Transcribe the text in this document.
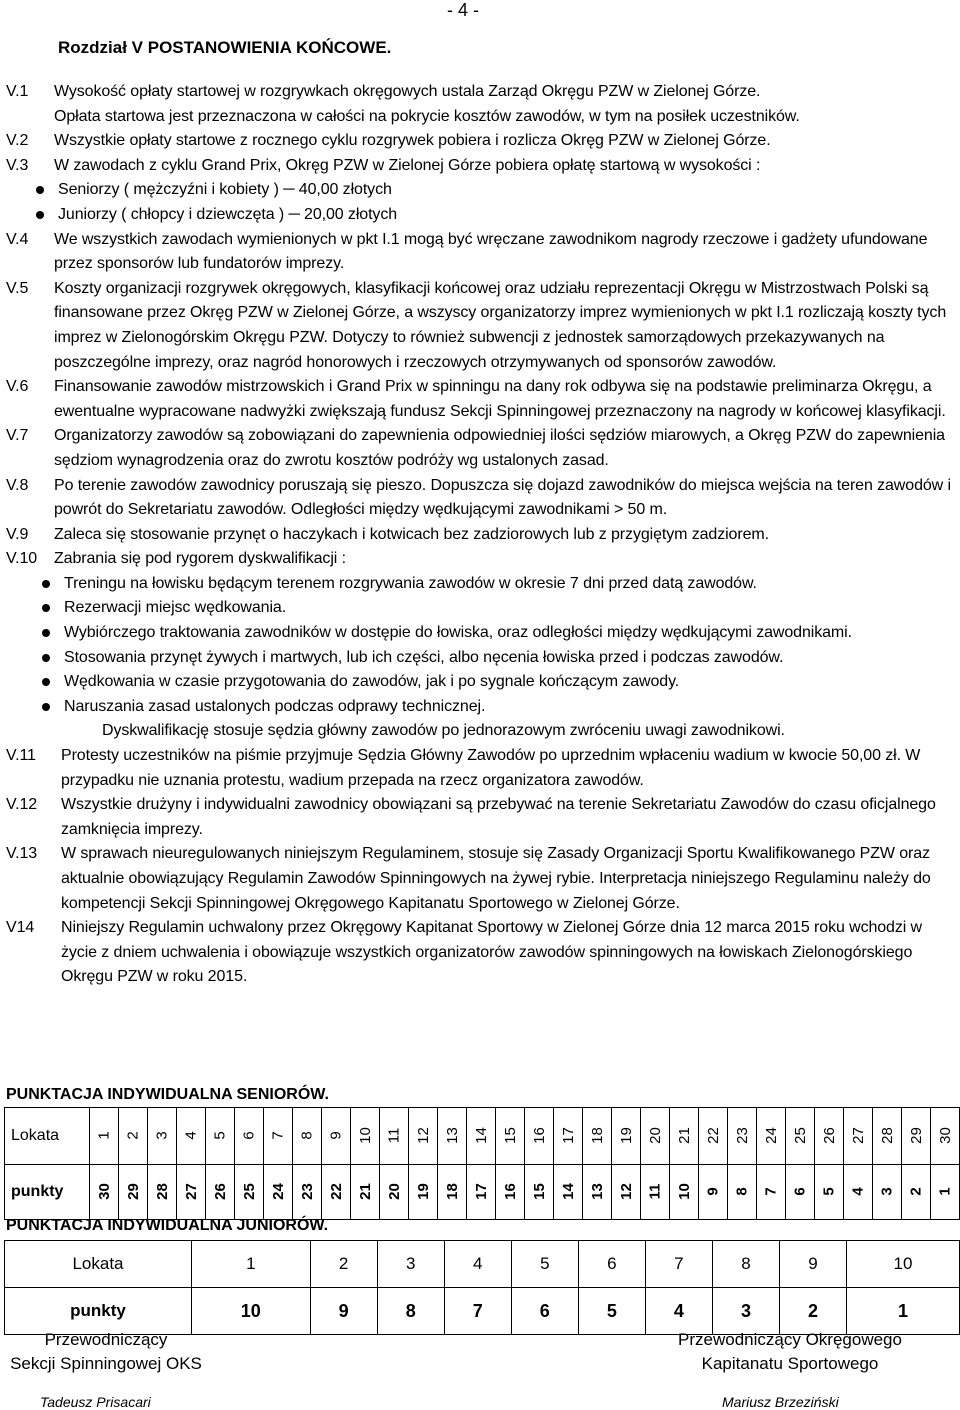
- 4 -
Rozdział V POSTANOWIENIA KOŃCOWE.
V.1	Wysokość opłaty startowej w rozgrywkach okręgowych ustala Zarząd Okręgu PZW w Zielonej Górze.
Opłata startowa jest przeznaczona w całości na pokrycie kosztów zawodów, w tym na posiłek uczestników.
V.2	Wszystkie opłaty startowe z rocznego cyklu rozgrywek pobiera i rozlicza Okręg PZW w Zielonej Górze.

V.3	W zawodach z cyklu Grand Prix, Okręg PZW w Zielonej Górze pobiera opłatę startową w wysokości :

Seniorzy ( mężczyźni i kobiety ) ─ 40,00 złotych
Juniorzy ( chłopcy i dziewczęta ) ─ 20,00 złotych
V.4	We wszystkich zawodach wymienionych w pkt I.1 mogą być wręczane zawodnikom nagrody rzeczowe i gadżety ufundowane przez sponsorów lub fundatorów imprezy.

V.5	Koszty organizacji rozgrywek okręgowych, klasyfikacji końcowej oraz udziału reprezentacji Okręgu w Mistrzostwach Polski są finansowane przez Okręg PZW w Zielonej Górze, a wszyscy organizatorzy imprez wymienionych w pkt I.1 rozliczają koszty tych imprez w Zielonogórskim Okręgu PZW. Dotyczy to również subwencji z jednostek samorządowych przekazywanych na poszczególne imprezy, oraz nagród honorowych i rzeczowych otrzymywanych od sponsorów zawodów.

V.6	Finansowanie zawodów mistrzowskich i Grand Prix w spinningu na dany rok odbywa się na podstawie preliminarza Okręgu, a ewentualne wypracowane nadwyżki zwiększają fundusz Sekcji Spinningowej przeznaczony na nagrody w końcowej klasyfikacji.

V.7	Organizatorzy zawodów są zobowiązani do zapewnienia odpowiedniej ilości sędziów miarowych, a Okręg PZW do zapewnienia sędziom wynagrodzenia oraz do zwrotu kosztów podróży wg ustalonych zasad.

V.8	Po terenie zawodów zawodnicy poruszają się pieszo. Dopuszcza się dojazd zawodników do miejsca wejścia na teren zawodów i powrót do Sekretariatu zawodów. Odległości między wędkującymi zawodnikami > 50 m.

V.9	Zaleca się stosowanie przynęt o haczykach i kotwicach bez zadziorowych lub z przygiętym zadziorem.

V.10	Zabrania się pod rygorem dyskwalifikacji :

Treningu na łowisku będącym terenem rozgrywania zawodów w okresie 7 dni przed datą zawodów.
Rezerwacji miejsc wędkowania.
Wybiórczego traktowania zawodników w dostępie do łowiska, oraz odległości między wędkującymi zawodnikami.
Stosowania przynęt żywych i martwych, lub ich części, albo nęcenia łowiska przed i podczas zawodów.
Wędkowania w czasie przygotowania do zawodów, jak i po sygnale kończącym zawody.
Naruszania zasad ustalonych podczas odprawy technicznej.
Dyskwalifikację stosuje sędzia główny zawodów po jednorazowym zwróceniu uwagi zawodnikowi.
V.11	Protesty uczestników na piśmie przyjmuje Sędzia Główny Zawodów po uprzednim wpłaceniu wadium w kwocie 50,00 zł. W przypadku nie uznania protestu, wadium przepada na rzecz organizatora zawodów.

V.12	Wszystkie drużyny i indywidualni zawodnicy obowiązani są przebywać na terenie Sekretariatu Zawodów do czasu oficjalnego zamknięcia imprezy.

V.13	W sprawach nieuregulowanych niniejszym Regulaminem, stosuje się Zasady Organizacji Sportu Kwalifikowanego PZW oraz aktualnie obowiązujący Regulamin Zawodów Spinningowych na żywej rybie. Interpretacja niniejszego Regulaminu należy do kompetencji Sekcji Spinningowej Okręgowego Kapitanatu Sportowego w Zielonej Górze.

V14	Niniejszy Regulamin uchwalony przez Okręgowy Kapitanat Sportowy w Zielonej Górze dnia 12 marca 2015 roku wchodzi w życie z dniem uchwalenia i obowiązuje wszystkich organizatorów zawodów spinningowych na łowiskach Zielonogórskiego Okręgu PZW w roku 2015.

PUNKTACJA INDYWIDUALNA SENIORÓW.
Lokata	1	2	3	4	5	6	7	8	9	10	11	12	13	14	15	16	17	18	19	20	21	22	23	24	25	26	27	28	29	30
punkty	30	29	28	27	26	25	24	23	22	21	20	19	18	17	16	15	14	13	12	11	10	9	8	7	6	5	4	3	2	1
PUNKTACJA INDYWIDUALNA JUNIORÓW.
Lokata	1	2	3	4	5	6	7	8	9	10
punkty	10	9	8	7	6	5	4	3	2	1
Przewodniczący
Sekcji Spinningowej OKS
Tadeusz Prisacari
Przewodniczący Okręgowego
Kapitanatu Sportowego
Mariusz Brzeziński
